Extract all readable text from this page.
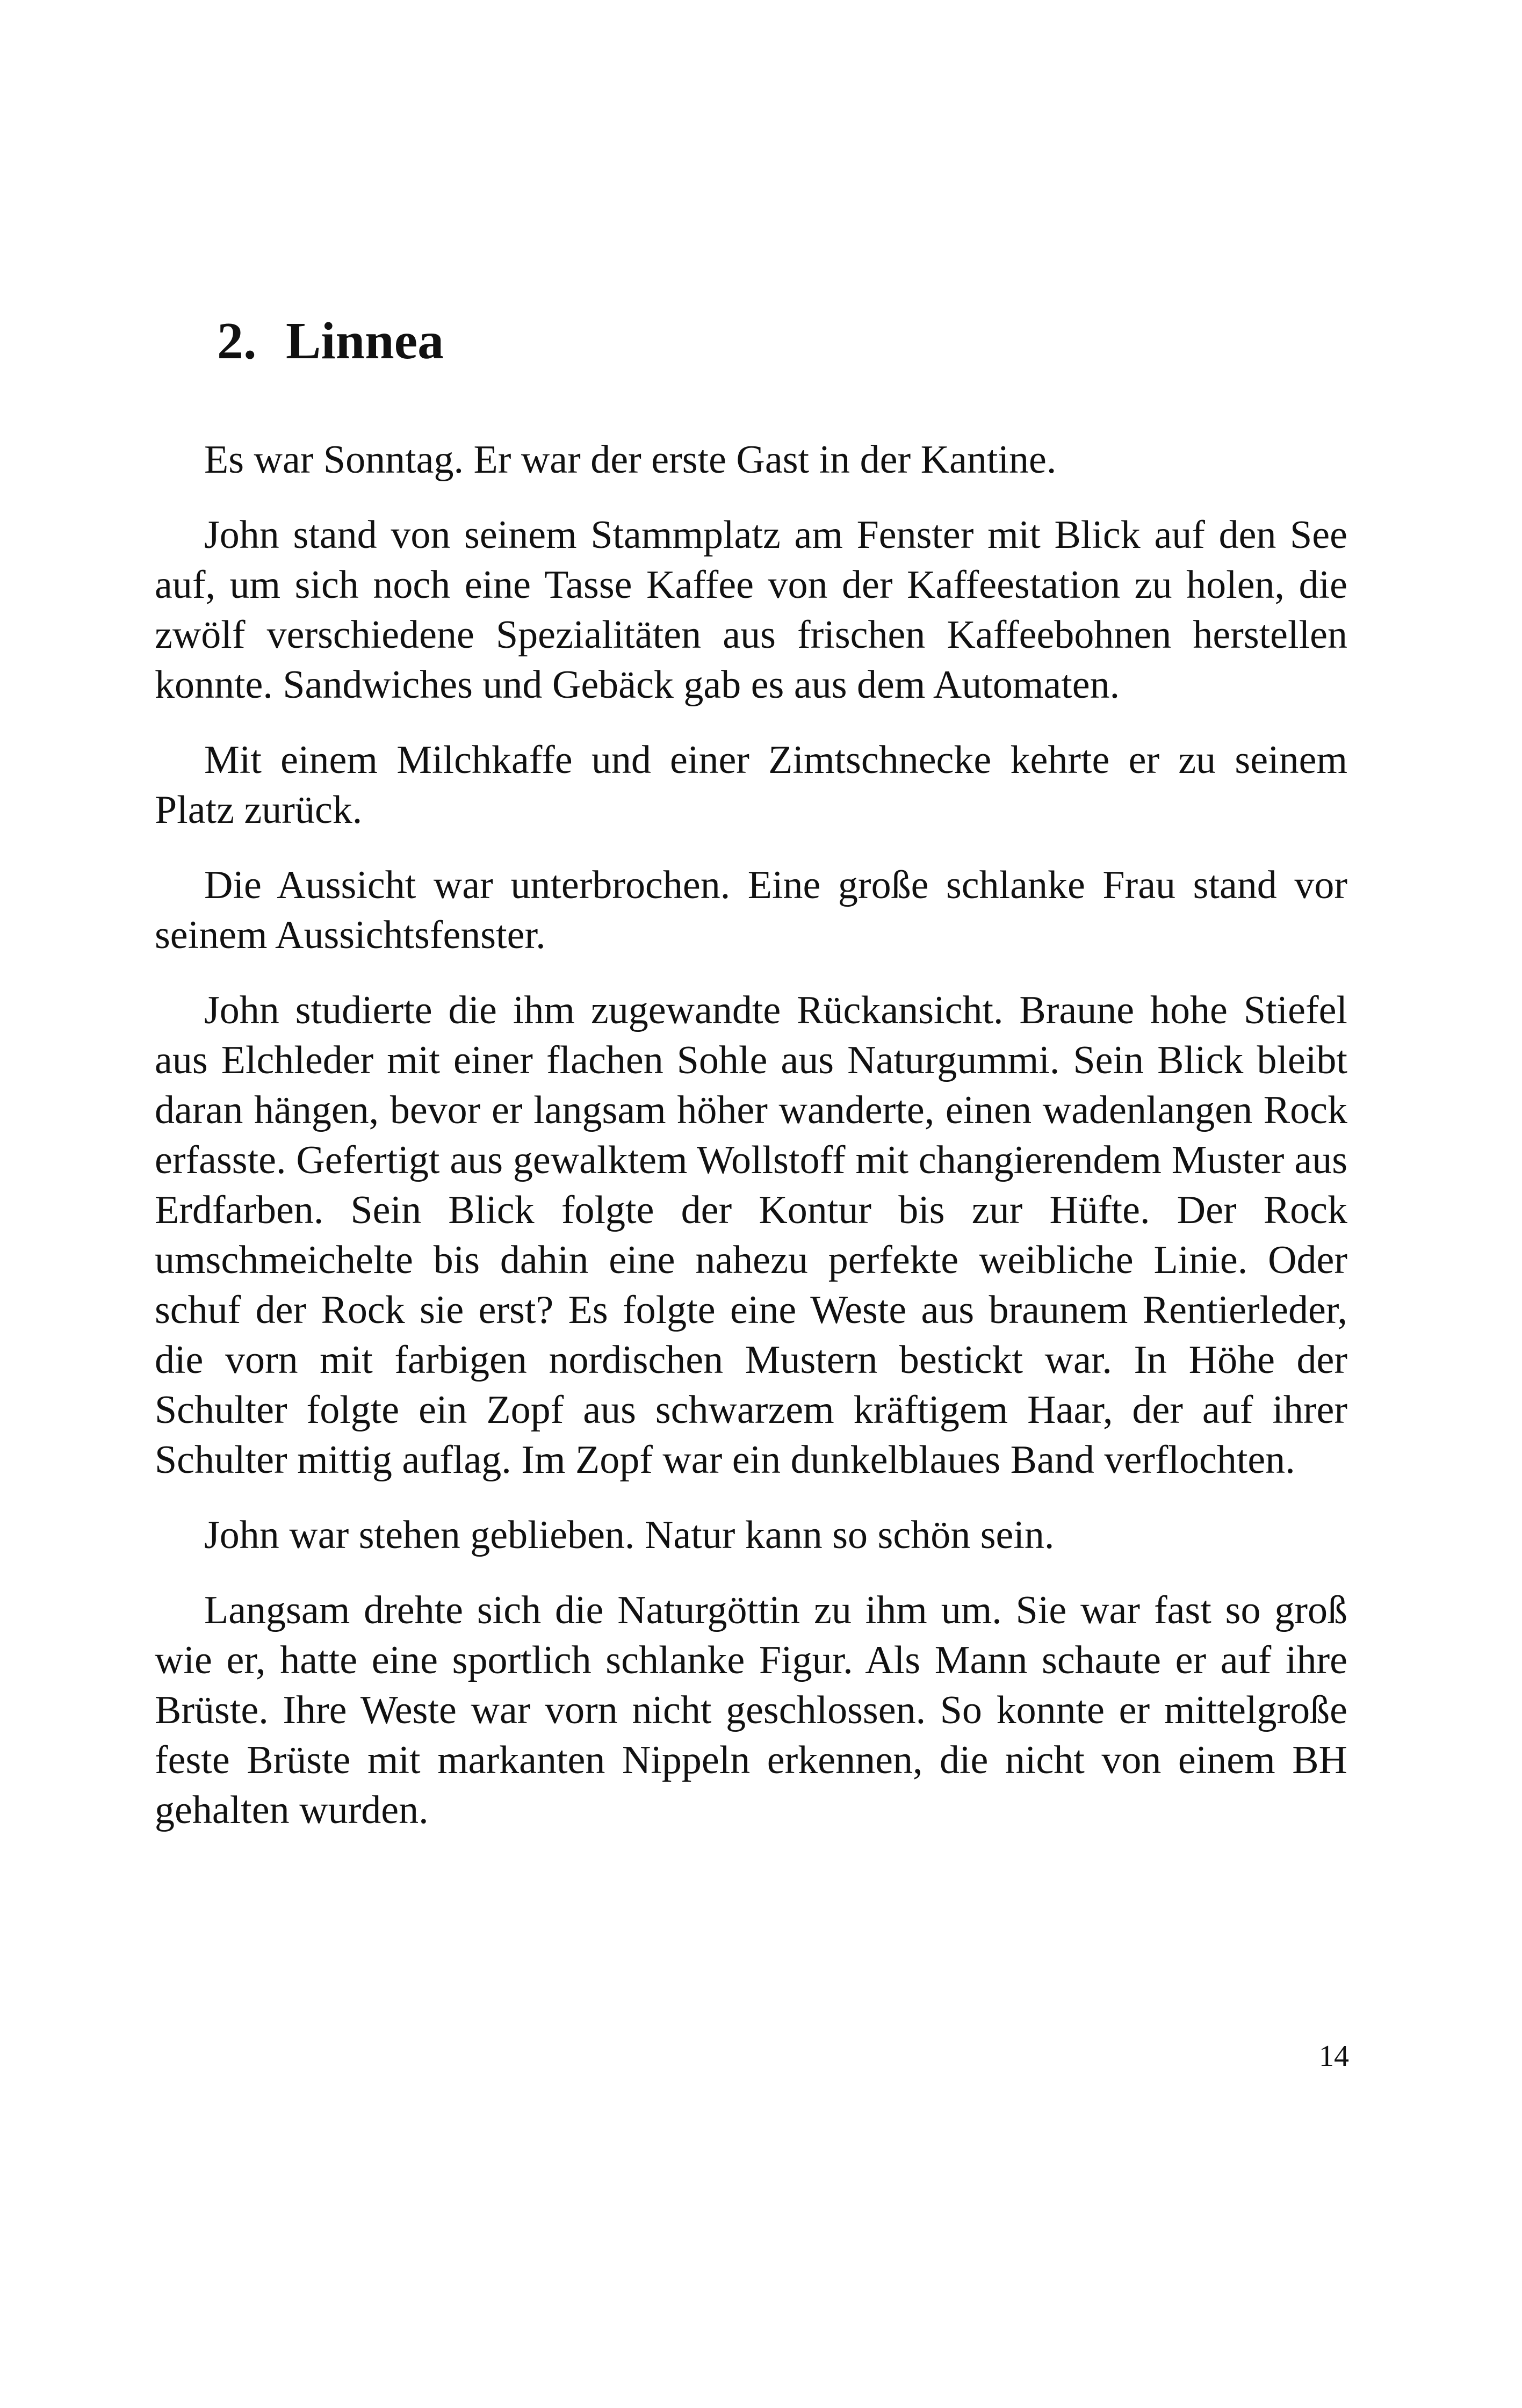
2. Linnea

Es war Sonntag. Er war der erste Gast in der Kantine.

John stand von seinem Stammplatz am Fenster mit Blick auf den See auf, um sich noch eine Tasse Kaffee von der Kaffeestation zu holen, die zwölf verschiedene Spezialitäten aus frischen Kaffeebohnen herstellen konnte. Sandwiches und Gebäck gab es aus dem Automaten.

Mit einem Milchkaffe und einer Zimtschnecke kehrte er zu seinem Platz zurück.

Die Aussicht war unterbrochen. Eine große schlanke Frau stand vor seinem Aussichtsfenster.

John studierte die ihm zugewandte Rückansicht. Braune hohe Stiefel aus Elchleder mit einer flachen Sohle aus Naturgummi. Sein Blick bleibt daran hängen, bevor er langsam höher wanderte, einen wadenlangen Rock erfasste. Gefertigt aus gewalktem Wollstoff mit changierendem Muster aus Erdfarben. Sein Blick folgte der Kontur bis zur Hüfte. Der Rock umschmeichelte bis dahin eine nahezu perfekte weibliche Linie. Oder schuf der Rock sie erst? Es folgte eine Weste aus braunem Rentierleder, die vorn mit farbigen nordischen Mustern bestickt war. In Höhe der Schulter folgte ein Zopf aus schwarzem kräftigem Haar, der auf ihrer Schulter mittig auflag. Im Zopf war ein dunkelblaues Band verflochten.

John war stehen geblieben. Natur kann so schön sein.

Langsam drehte sich die Naturgöttin zu ihm um. Sie war fast so groß wie er, hatte eine sportlich schlanke Figur. Als Mann schaute er auf ihre Brüste. Ihre Weste war vorn nicht geschlossen. So konnte er mittelgroße feste Brüste mit markanten Nippeln erkennen, die nicht von einem BH gehalten wurden.

14
